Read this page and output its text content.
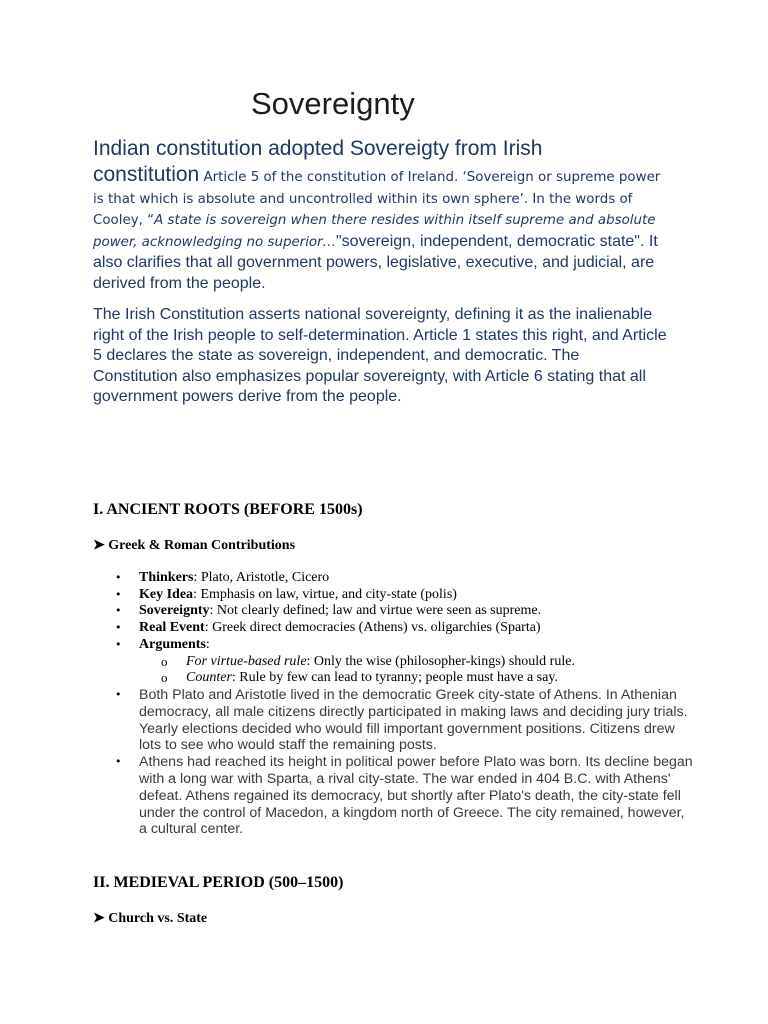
Sovereignty

Indian constitution adopted Sovereigty from Irish
constitution Article 5 of the constitution of Ireland. ‘Sovereign or supreme power is that which is absolute and uncontrolled within its own sphere’. In the words of Cooley, “A state is sovereign when there resides within itself supreme and absolute power, acknowledging no superior…"sovereign, independent, democratic state". It also clarifies that all government powers, legislative, executive, and judicial, are derived from the people.

The Irish Constitution asserts national sovereignty, defining it as the inalienable right of the Irish people to self-determination. Article 1 states this right, and Article 5 declares the state as sovereign, independent, and democratic. The Constitution also emphasizes popular sovereignty, with Article 6 stating that all government powers derive from the people.

I. ANCIENT ROOTS (BEFORE 1500s)
➤ Greek & Roman Contributions
• Thinkers: Plato, Aristotle, Cicero
• Key Idea: Emphasis on law, virtue, and city-state (polis)
• Sovereignty: Not clearly defined; law and virtue were seen as supreme.
• Real Event: Greek direct democracies (Athens) vs. oligarchies (Sparta)
• Arguments:
o For virtue-based rule: Only the wise (philosopher-kings) should rule.
o Counter: Rule by few can lead to tyranny; people must have a say.
• Both Plato and Aristotle lived in the democratic Greek city-state of Athens. In Athenian democracy, all male citizens directly participated in making laws and deciding jury trials. Yearly elections decided who would fill important government positions. Citizens drew lots to see who would staff the remaining posts.
• Athens had reached its height in political power before Plato was born. Its decline began with a long war with Sparta, a rival city-state. The war ended in 404 B.C. with Athens' defeat. Athens regained its democracy, but shortly after Plato's death, the city-state fell under the control of Macedon, a kingdom north of Greece. The city remained, however, a cultural center.
II. MEDIEVAL PERIOD (500–1500)
➤ Church vs. State
